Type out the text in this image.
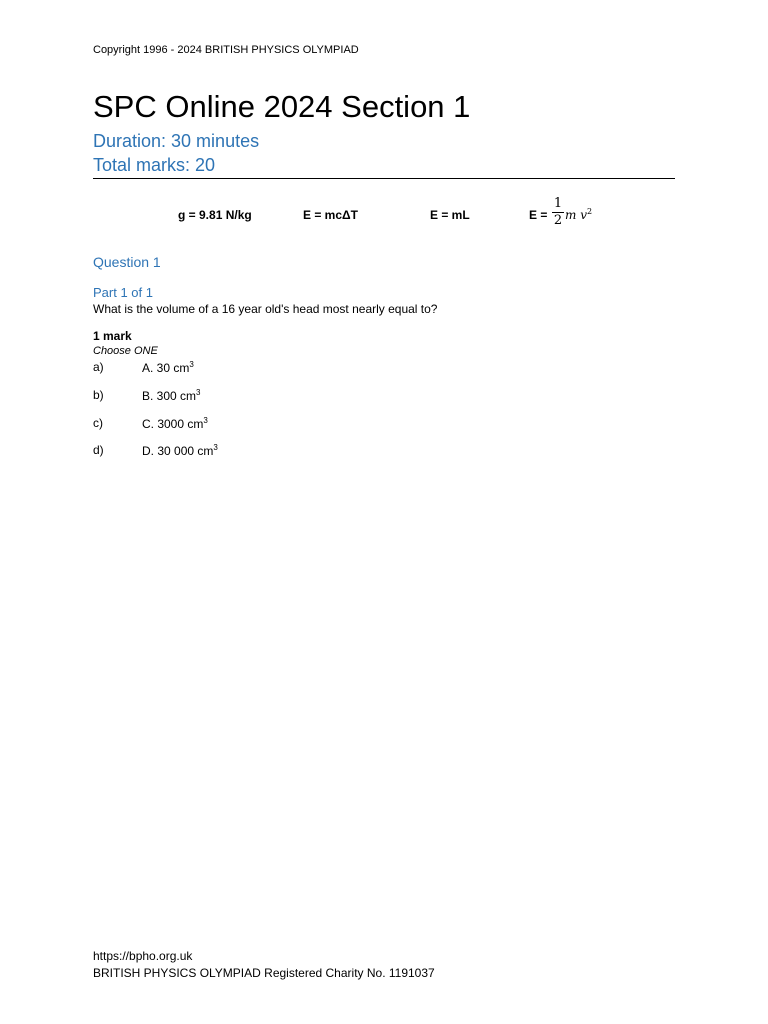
Copyright 1996 - 2024 BRITISH PHYSICS OLYMPIAD
SPC Online 2024 Section 1
Duration: 30 minutes
Total marks: 20
g = 9.81 N/kg	E = mcΔT	E = mL	E =
1
2 m $v^2$
Question 1
Part 1 of 1
What is the volume of a 16 year old's head most nearly equal to?
1 mark
Choose ONE
a)	A. 30 $cm^3$
b)	B. 300 $cm^3$
c)	C. 3000 $cm^3$
d)	D. 30 000 $cm^3$
https://bpho.org.uk
BRITISH PHYSICS OLYMPIAD Registered Charity No. 1191037
